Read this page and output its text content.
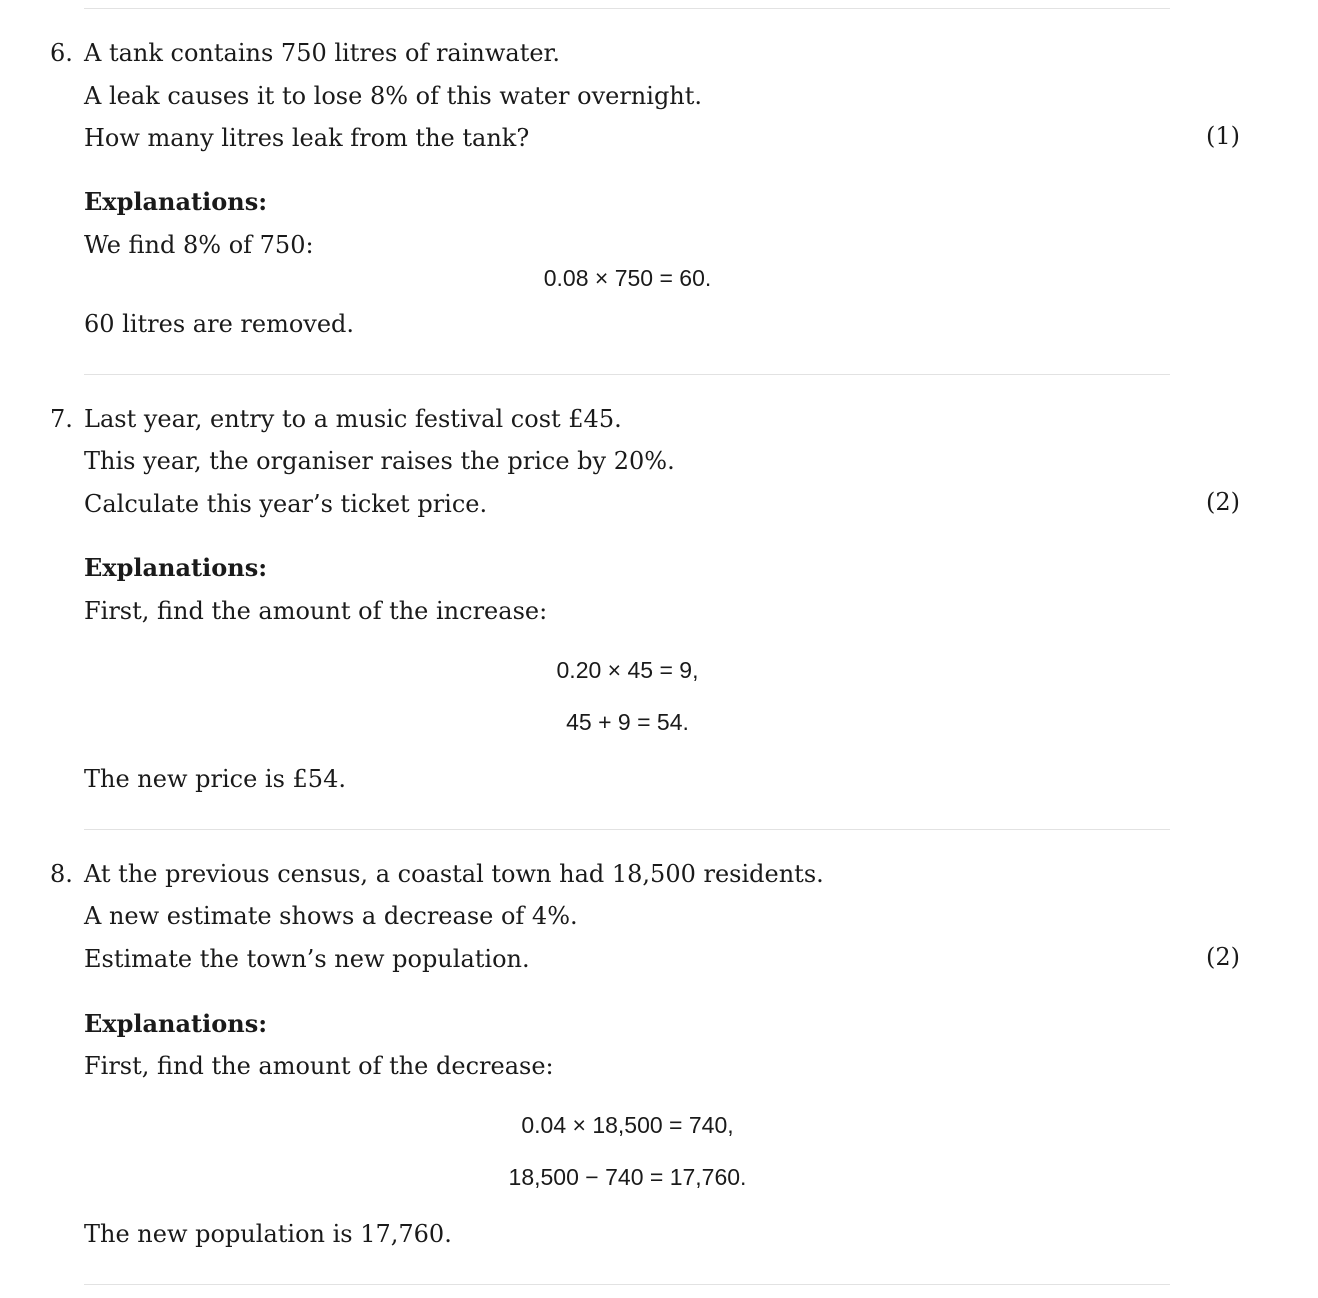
6. A tank contains 750 litres of rainwater.
A leak causes it to lose 8% of this water overnight.
How many litres leak from the tank?	(1)
Explanations:
We find 8% of 750:
0.08 × 750 = 60.
60 litres are removed.
7. Last year, entry to a music festival cost £45.
This year, the organiser raises the price by 20%.
Calculate this year’s ticket price.	(2)
Explanations:
First, find the amount of the increase:
0.20 × 45 = 9,
45 + 9 = 54.
The new price is £54.
8. At the previous census, a coastal town had 18,500 residents.
A new estimate shows a decrease of 4%.
Estimate the town’s new population.	(2)
Explanations:
First, find the amount of the decrease:
0.04 × 18,500 = 740,
18,500 − 740 = 17,760.
The new population is 17,760.
